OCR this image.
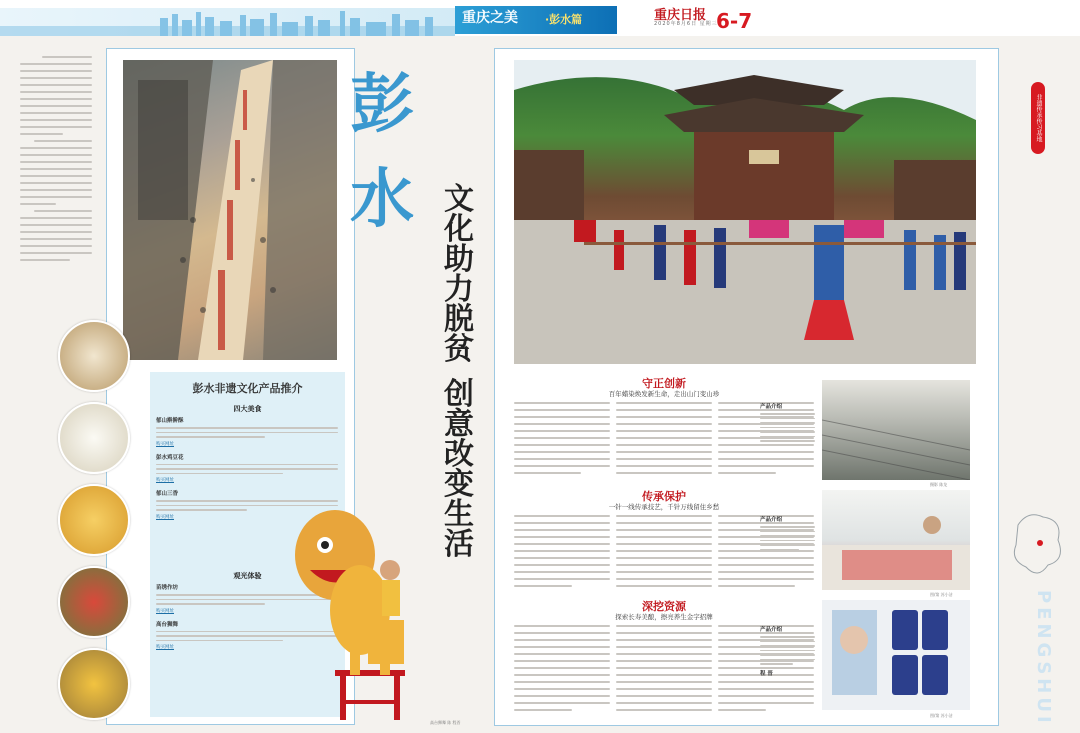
重庆之美 ·彭水篇	重庆日报
2020年8月6日 星期三
6-7
高台狮舞 陈 程晋
彭
水	文
化
助
力
脱
贫
创
意
改
变
生
活
彭水非遗文化产品推介
四大美食
郁山擀擀酥
购买网址
彭水鸡豆花
购买网址
郁山三香
购买网址
观光体验
苗绣作坊
购买网址
高台狮舞
购买网址
非遗传承传习基地
守正创新
百年蜡染焕发新生命，走出山门变山珍
传承保护
一针一线传承技艺，千针万线留住乡愁
深挖资源
探索长寿美酿，擦亮养生金字招牌
产品介绍
摄影 陈龙
图/第 苏小洁
产品介绍
图/第 苏小洁
产品介绍
程 晋	PENGSHUI
